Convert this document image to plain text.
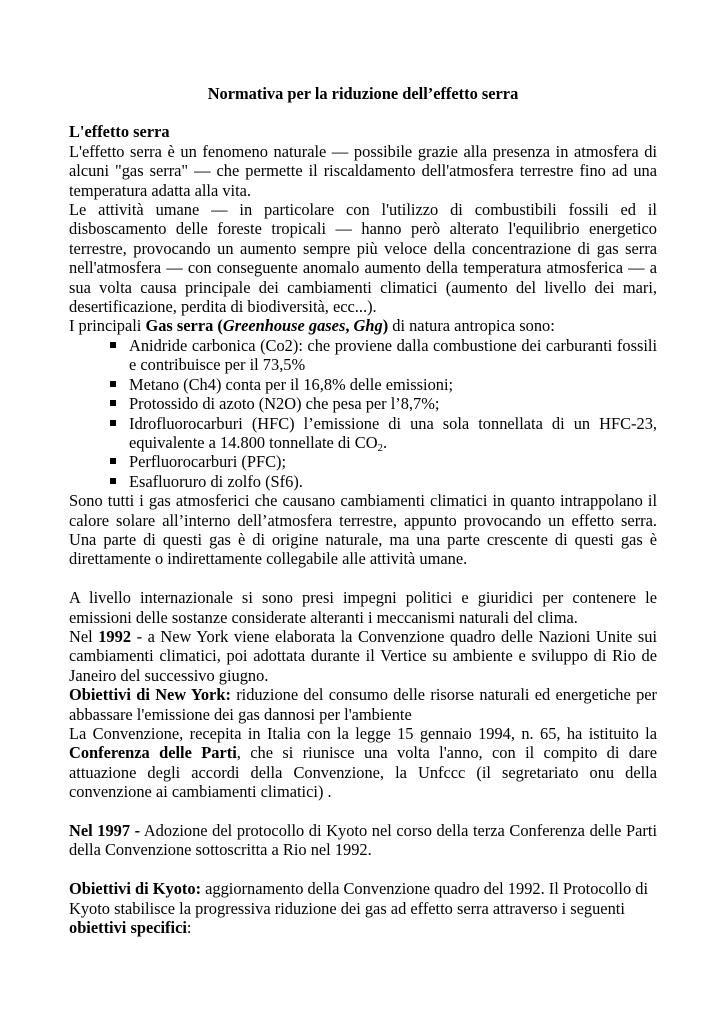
Normativa per la riduzione dell’effetto serra
L'effetto serra

L'effetto serra è un fenomeno naturale — possibile grazie alla presenza in atmosfera di alcuni "gas serra" — che permette il riscaldamento dell'atmosfera terrestre fino ad una temperatura adatta alla vita.

Le attività umane — in particolare con l'utilizzo di combustibili fossili ed il disboscamento delle foreste tropicali — hanno però alterato l'equilibrio energetico terrestre, provocando un aumento sempre più veloce della concentrazione di gas serra nell'atmosfera — con conseguente anomalo aumento della temperatura atmosferica — a sua volta causa principale dei cambiamenti climatici (aumento del livello dei mari, desertificazione, perdita di biodiversità, ecc...).

I principali Gas serra (Greenhouse gases, Ghg) di natura antropica sono:

Anidride carbonica (Co2): che proviene dalla combustione dei carburanti fossili e contribuisce per il 73,5%
Metano (Ch4) conta per il 16,8% delle emissioni;
Protossido di azoto (N2O) che pesa per l’8,7%;
Idrofluorocarburi (HFC) l’emissione di una sola tonnellata di un HFC-23, equivalente a 14.800 tonnellate di $CO_2$.
Perfluorocarburi (PFC);
Esafluoruro di zolfo (Sf6).

Sono tutti i gas atmosferici che causano cambiamenti climatici in quanto intrappolano il calore solare all’interno dell’atmosfera terrestre, appunto provocando un effetto serra. Una parte di questi gas è di origine naturale, ma una parte crescente di questi gas è direttamente o indirettamente collegabile alle attività umane.

A livello internazionale si sono presi impegni politici e giuridici per contenere le emissioni delle sostanze considerate alteranti i meccanismi naturali del clima.

Nel 1992 - a New York viene elaborata la Convenzione quadro delle Nazioni Unite sui cambiamenti climatici, poi adottata durante il Vertice su ambiente e sviluppo di Rio de Janeiro del successivo giugno.

Obiettivi di New York: riduzione del consumo delle risorse naturali ed energetiche per abbassare l'emissione dei gas dannosi per l'ambiente

La Convenzione, recepita in Italia con la legge 15 gennaio 1994, n. 65, ha istituito la Conferenza delle Parti, che si riunisce una volta l'anno, con il compito di dare attuazione degli accordi della Convenzione, la Unfccc (il segretariato onu della convenzione ai cambiamenti climatici) .

Nel 1997 - Adozione del protocollo di Kyoto nel corso della terza Conferenza delle Parti della Convenzione sottoscritta a Rio nel 1992.

Obiettivi di Kyoto: aggiornamento della Convenzione quadro del 1992. Il Protocollo di Kyoto stabilisce la progressiva riduzione dei gas ad effetto serra attraverso i seguenti obiettivi specifici:
